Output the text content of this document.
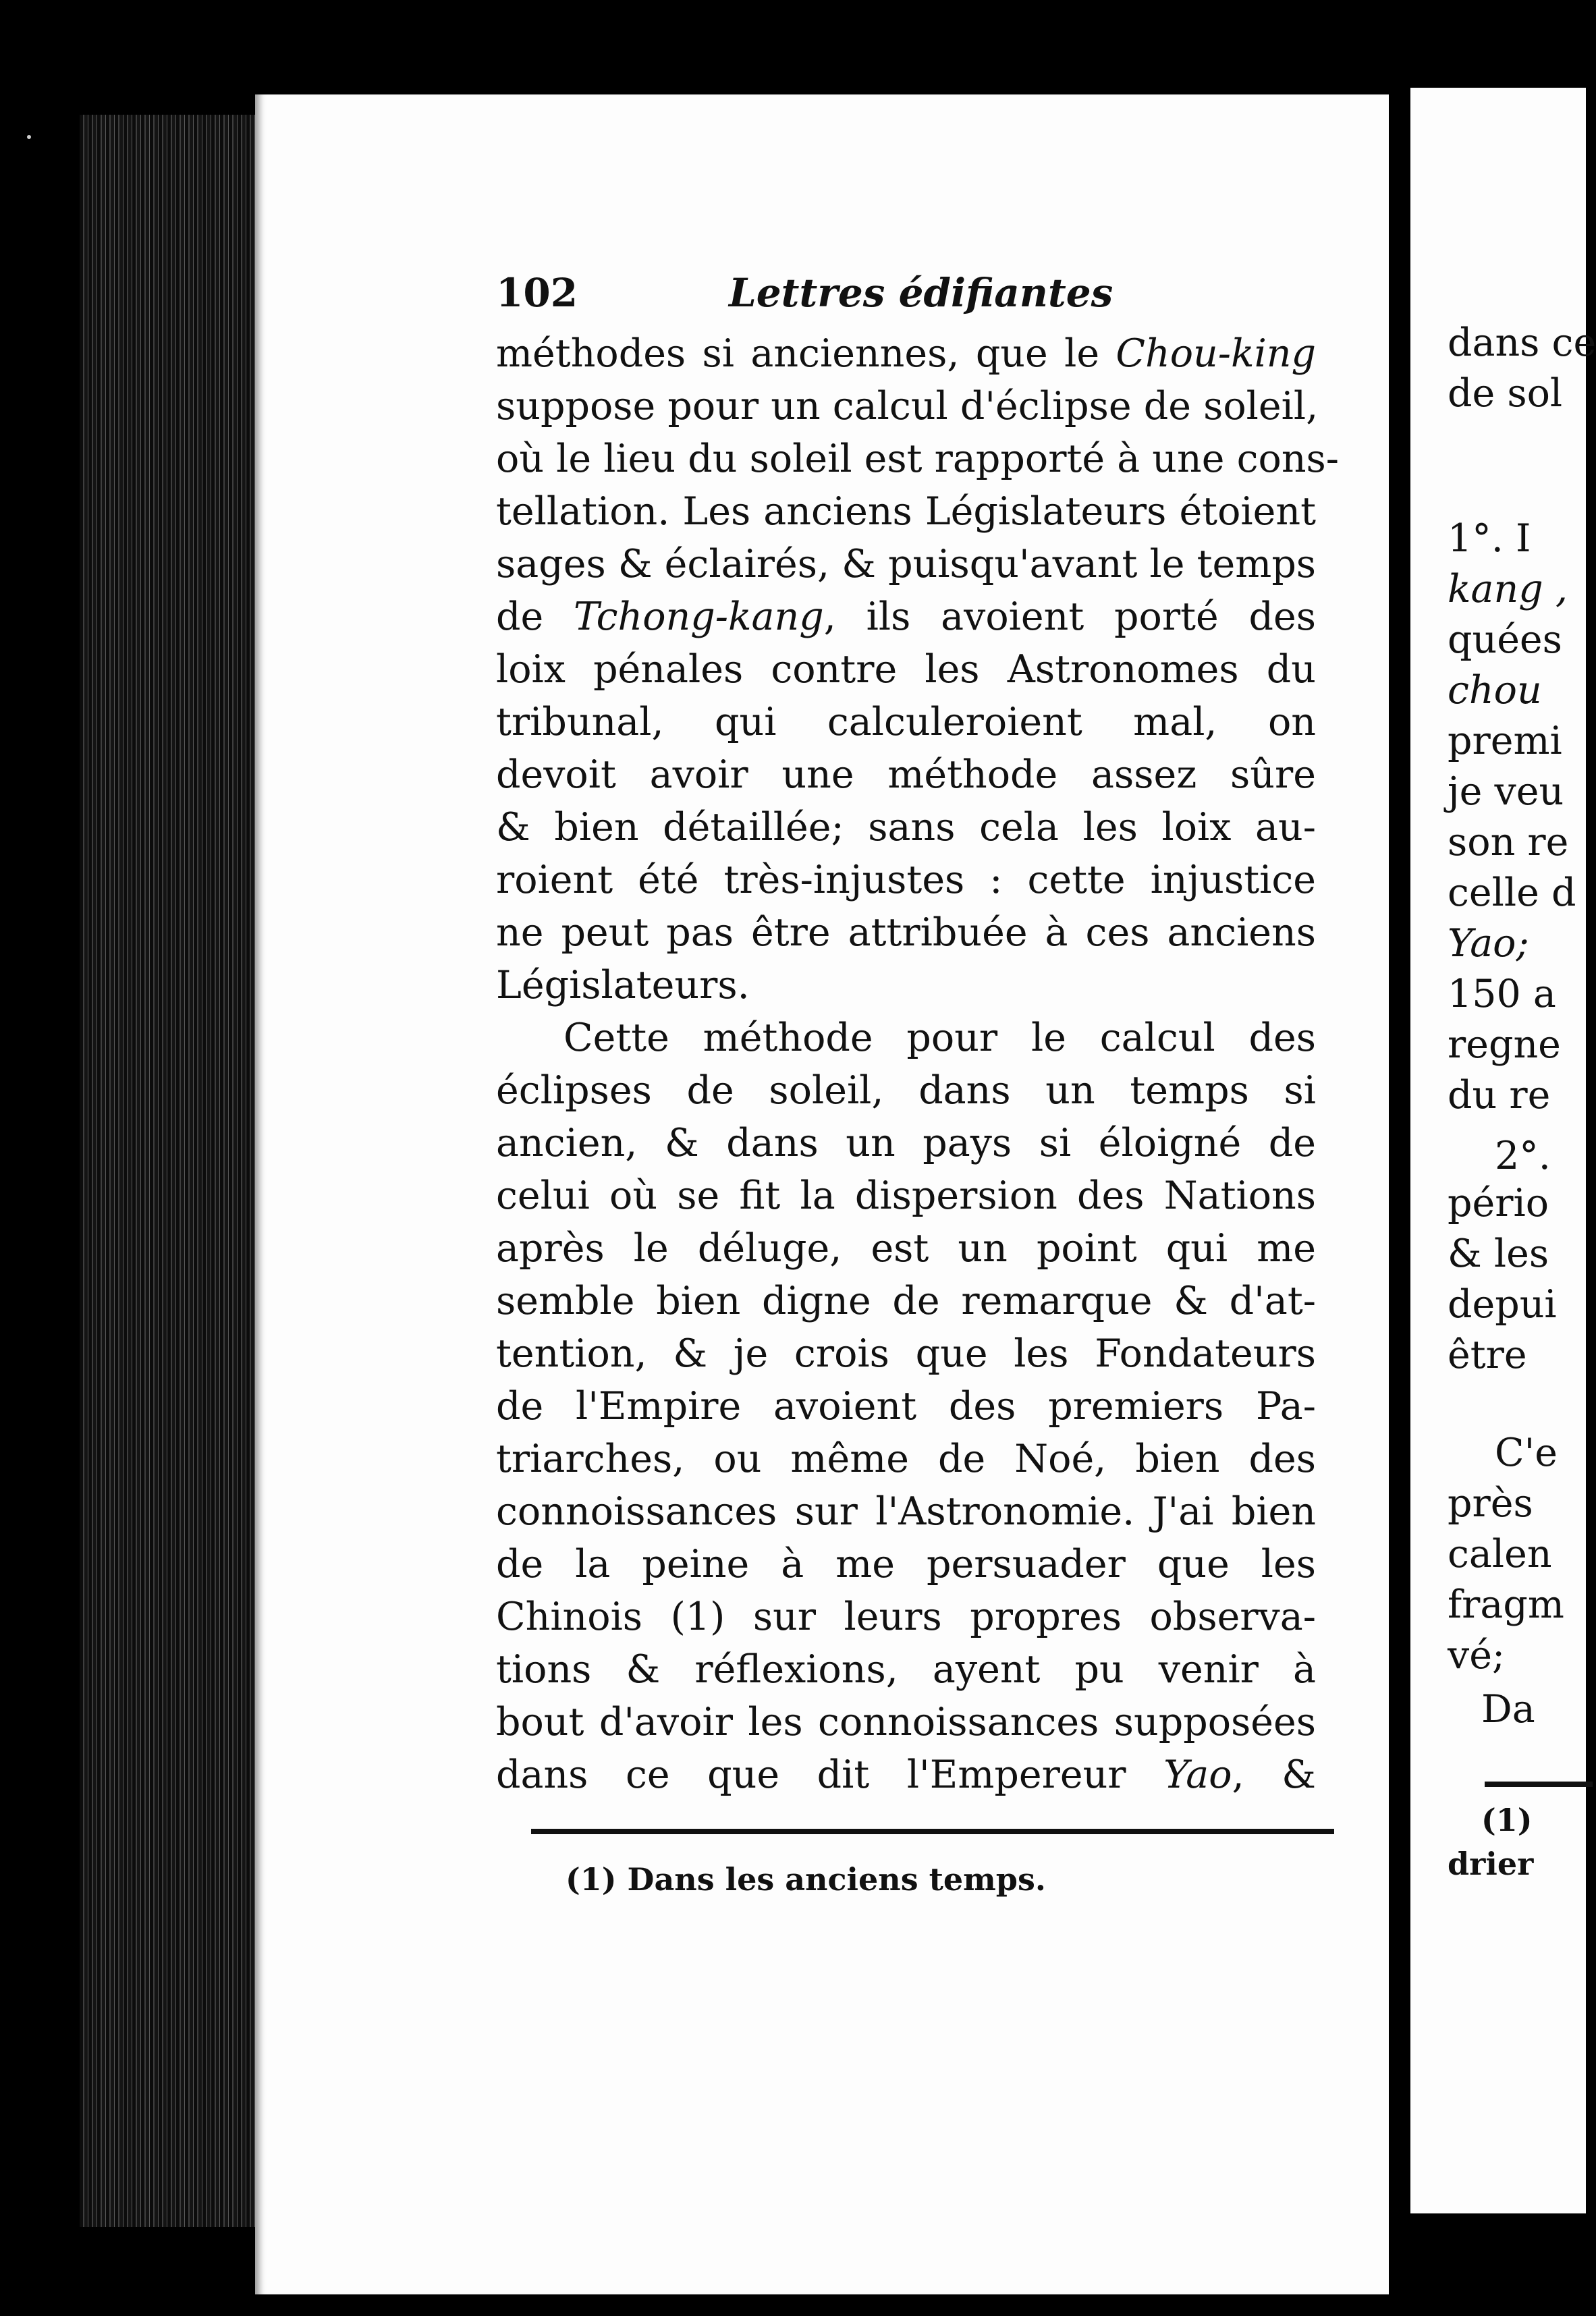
102	Lettres édifiantes
méthodes si anciennes, que le Chou-king
suppose pour un calcul d'éclipse de soleil,
où le lieu du soleil est rapporté à une cons-
tellation. Les anciens Législateurs étoient
sages & éclairés, & puisqu'avant le temps
de Tchong-kang, ils avoient porté des
loix pénales contre les Astronomes du
tribunal, qui calculeroient mal, on
devoit avoir une méthode assez sûre
& bien détaillée; sans cela les loix au-
roient été très-injustes : cette injustice
ne peut pas être attribuée à ces anciens
Législateurs.
Cette méthode pour le calcul des
éclipses de soleil, dans un temps si
ancien, & dans un pays si éloigné de
celui où se fit la dispersion des Nations
après le déluge, est un point qui me
semble bien digne de remarque & d'at-
tention, & je crois que les Fondateurs
de l'Empire avoient des premiers Pa-
triarches, ou même de Noé, bien des
connoissances sur l'Astronomie. J'ai bien
de la peine à me persuader que les
Chinois (1) sur leurs propres observa-
tions & réflexions, ayent pu venir à
bout d'avoir les connoissances supposées
dans ce que dit l'Empereur Yao, &
(1) Dans les anciens temps.
dans ce
de sol
1°. I
kang ,
quées
chou
premi
je veu
son re
celle d
Yao;
150 a
regne
du re
2°.
pério
& les
depui
être
C'e
près
calen
fragm
vé;
Da
(1)
drier
